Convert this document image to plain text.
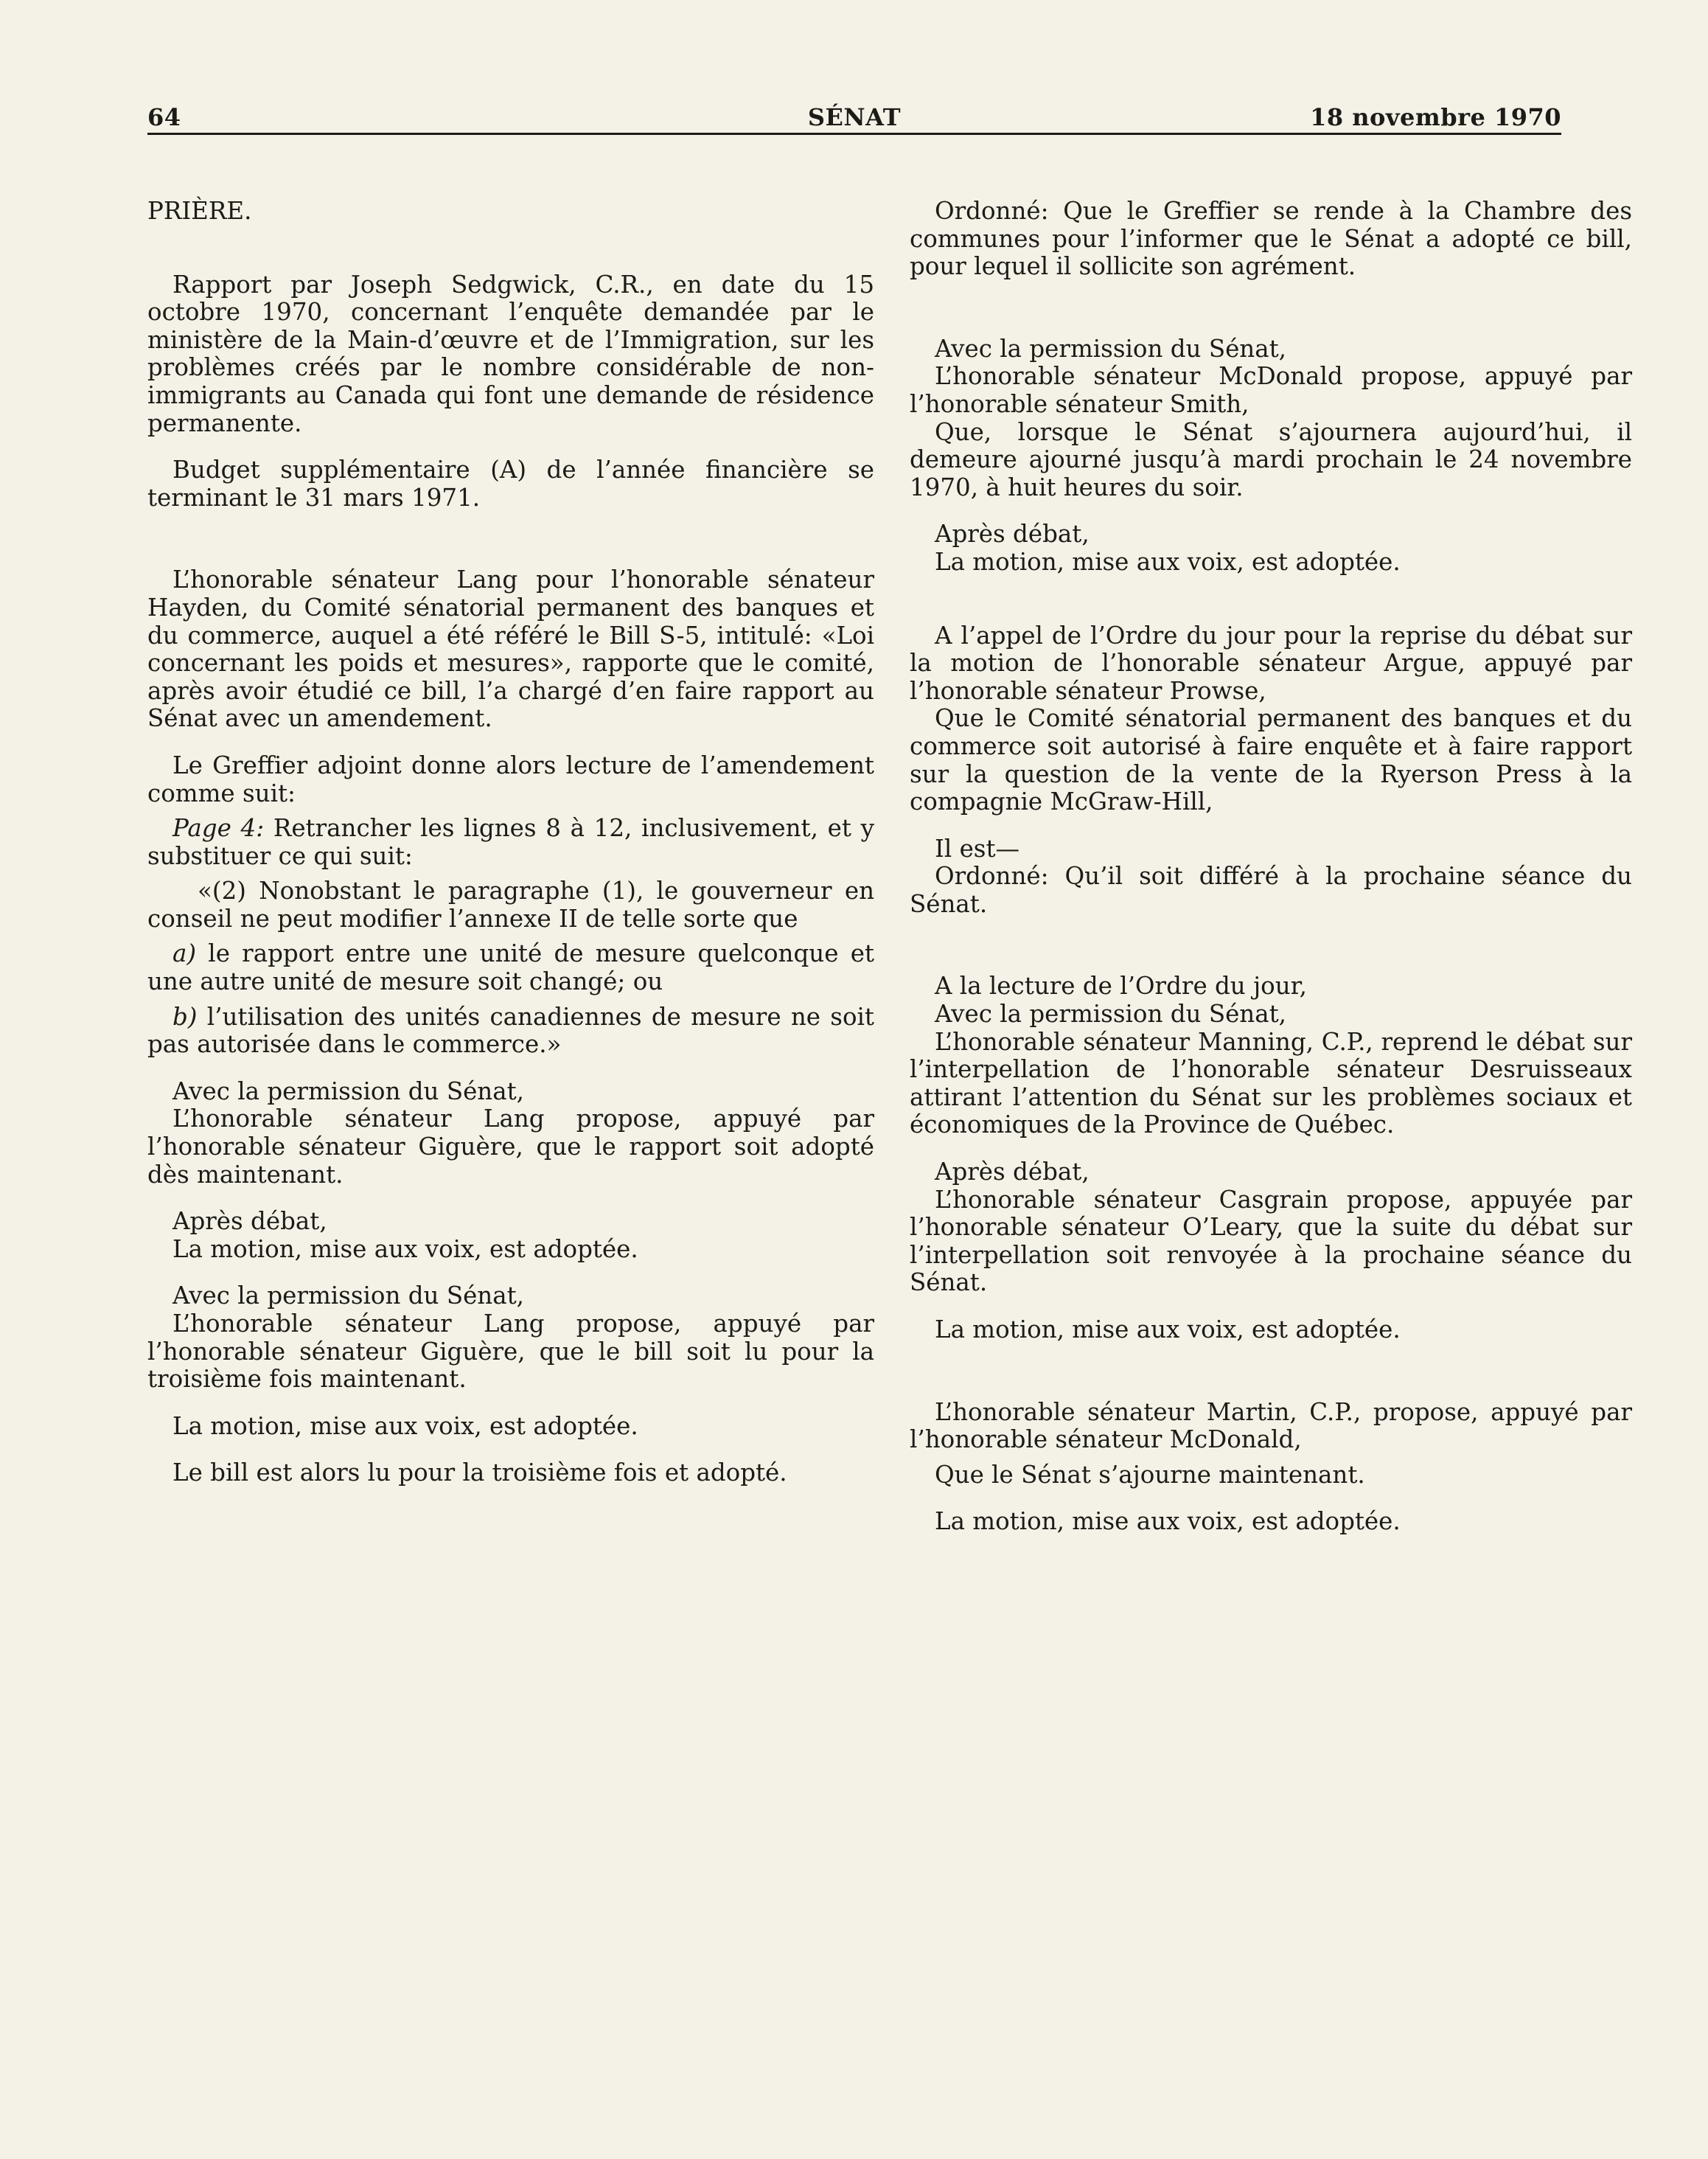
64	SÉNAT	18 novembre 1970

PRIÈRE.

Rapport par Joseph Sedgwick, C.R., en date du 15 octobre 1970, concernant l’enquête demandée par le ministère de la Main-d’œuvre et de l’Immigration, sur les problèmes créés par le nombre considérable de non-immigrants au Canada qui font une demande de résidence permanente.

Budget supplémentaire (A) de l’année financière se terminant le 31 mars 1971.

L’honorable sénateur Lang pour l’honorable sénateur Hayden, du Comité sénatorial permanent des banques et du commerce, auquel a été référé le Bill S-5, intitulé: «Loi concernant les poids et mesures», rapporte que le comité, après avoir étudié ce bill, l’a chargé d’en faire rapport au Sénat avec un amendement.

Le Greffier adjoint donne alors lecture de l’amendement comme suit:

Page 4: Retrancher les lignes 8 à 12, inclusivement, et y substituer ce qui suit:

«(2) Nonobstant le paragraphe (1), le gouverneur en conseil ne peut modifier l’annexe II de telle sorte que

a) le rapport entre une unité de mesure quelconque et une autre unité de mesure soit changé; ou

b) l’utilisation des unités canadiennes de mesure ne soit pas autorisée dans le commerce.»

Avec la permission du Sénat,

L’honorable sénateur Lang propose, appuyé par l’honorable sénateur Giguère, que le rapport soit adopté dès maintenant.

Après débat,

La motion, mise aux voix, est adoptée.

Avec la permission du Sénat,

L’honorable sénateur Lang propose, appuyé par l’honorable sénateur Giguère, que le bill soit lu pour la troisième fois maintenant.

La motion, mise aux voix, est adoptée.

Le bill est alors lu pour la troisième fois et adopté.

Ordonné: Que le Greffier se rende à la Chambre des communes pour l’informer que le Sénat a adopté ce bill, pour lequel il sollicite son agrément.

Avec la permission du Sénat,

L’honorable sénateur McDonald propose, appuyé par l’honorable sénateur Smith,

Que, lorsque le Sénat s’ajournera aujourd’hui, il demeure ajourné jusqu’à mardi prochain le 24 novembre 1970, à huit heures du soir.

Après débat,

La motion, mise aux voix, est adoptée.

A l’appel de l’Ordre du jour pour la reprise du débat sur la motion de l’honorable sénateur Argue, appuyé par l’honorable sénateur Prowse,

Que le Comité sénatorial permanent des banques et du commerce soit autorisé à faire enquête et à faire rapport sur la question de la vente de la Ryerson Press à la compagnie McGraw-Hill,

Il est—

Ordonné: Qu’il soit différé à la prochaine séance du Sénat.

A la lecture de l’Ordre du jour,

Avec la permission du Sénat,

L’honorable sénateur Manning, C.P., reprend le débat sur l’interpellation de l’honorable sénateur Desruisseaux attirant l’attention du Sénat sur les problèmes sociaux et économiques de la Province de Québec.

Après débat,

L’honorable sénateur Casgrain propose, appuyée par l’honorable sénateur O’Leary, que la suite du débat sur l’interpellation soit renvoyée à la prochaine séance du Sénat.

La motion, mise aux voix, est adoptée.

L’honorable sénateur Martin, C.P., propose, appuyé par l’honorable sénateur McDonald,

Que le Sénat s’ajourne maintenant.

La motion, mise aux voix, est adoptée.
